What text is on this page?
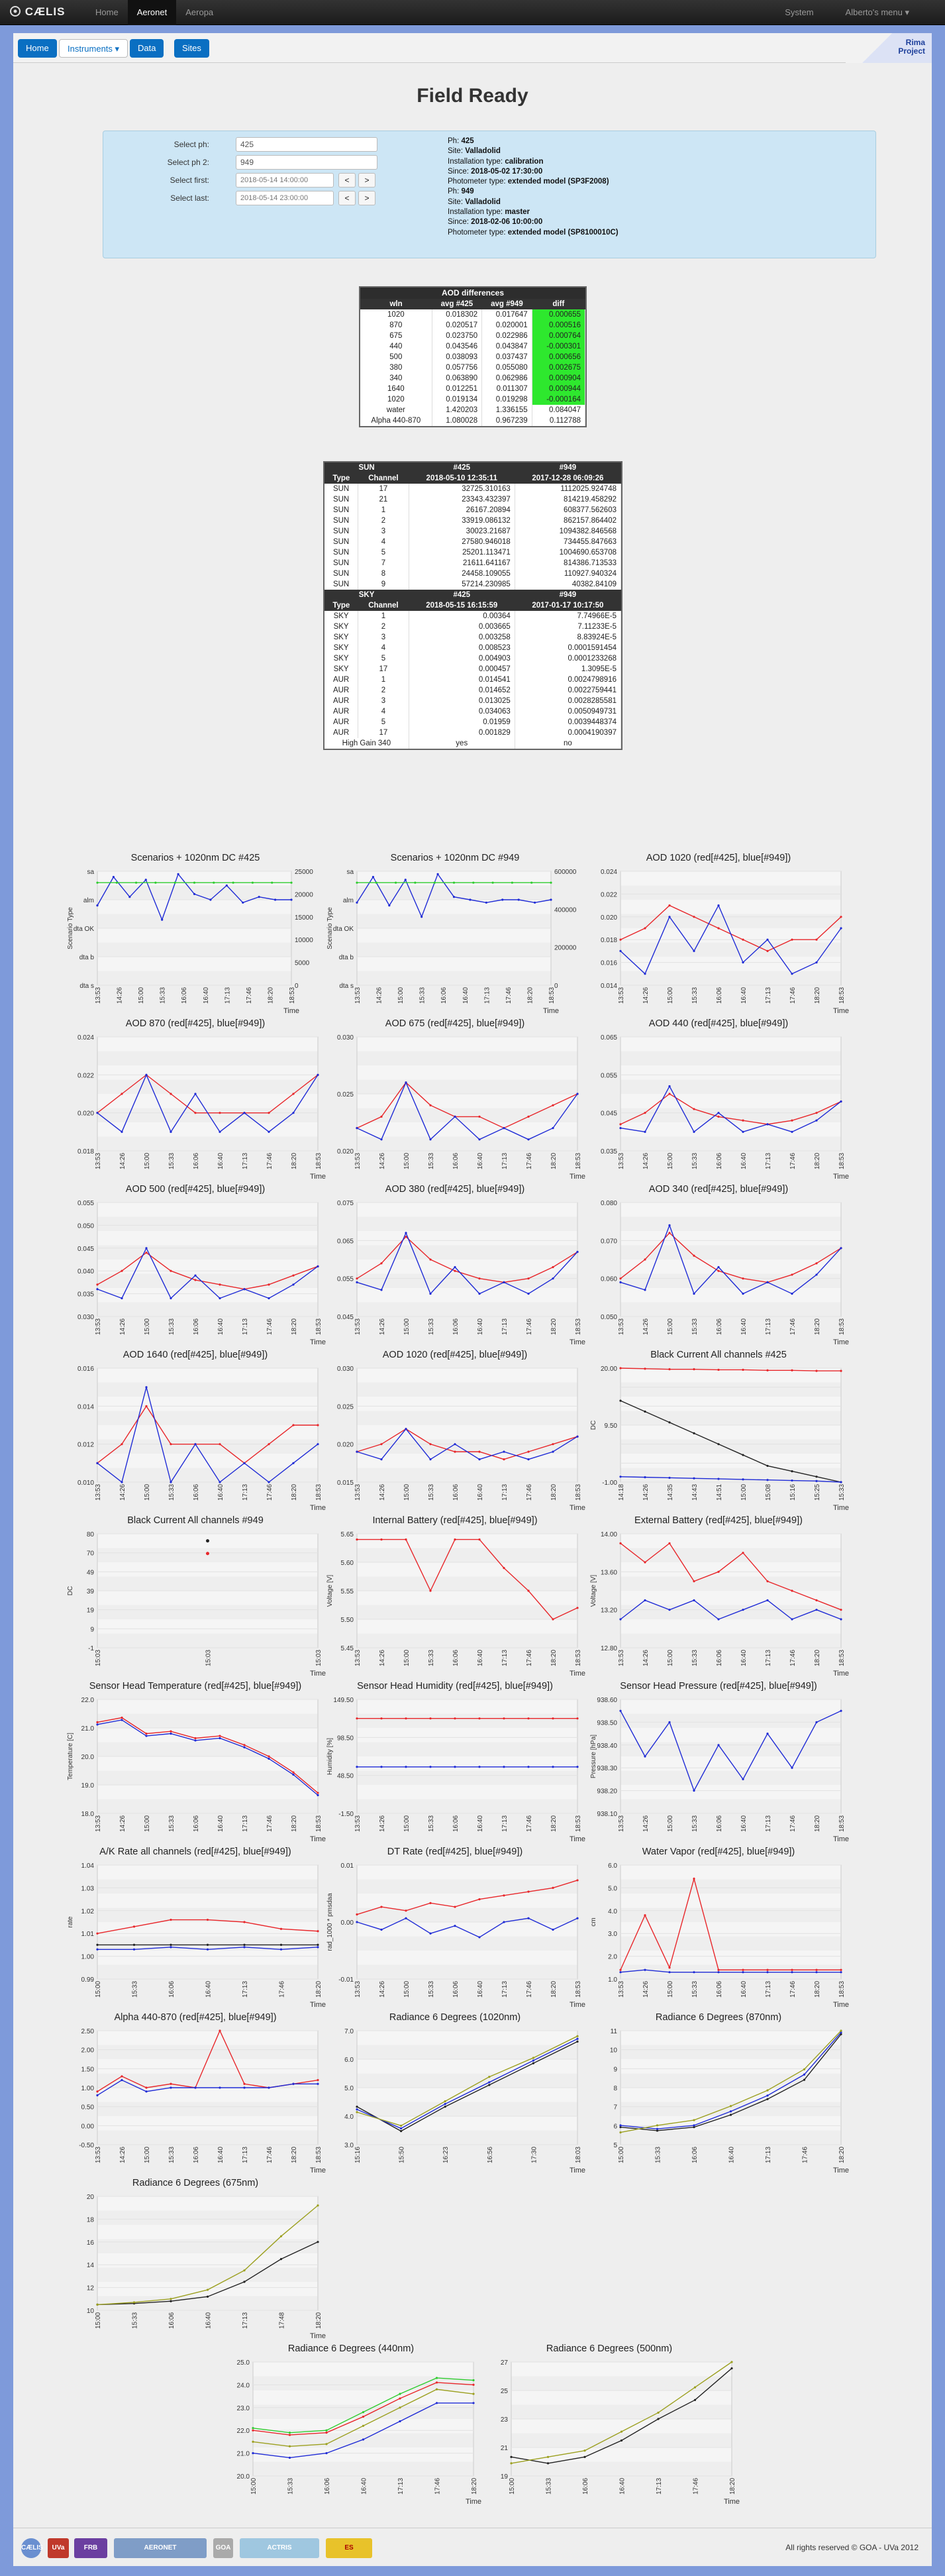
CÆLIS	Home	Aeronet	Aeropa	System	Alberto's menu ▾
Home	Instruments ▾	Data	Sites
Rima
Project
Field Ready
Select ph:	425
Select ph 2:	949
Select first:	2018-05-14 14:00:00	<	>
Select last:	2018-05-14 23:00:00	<	>
Ph: 425
Site: Valladolid
Installation type: calibration
Since: 2018-05-02 17:30:00
Photometer type: extended model (SP3F2008)
Ph: 949
Site: Valladolid
Installation type: master
Since: 2018-02-06 10:00:00
Photometer type: extended model (SP8100010C)
AOD differences
wln	avg #425	avg #949	diff
1020	0.018302	0.017647	0.000655
870	0.020517	0.020001	0.000516
675	0.023750	0.022986	0.000764
440	0.043546	0.043847	-0.000301
500	0.038093	0.037437	0.000656
380	0.057756	0.055080	0.002675
340	0.063890	0.062986	0.000904
1640	0.012251	0.011307	0.000944
1020	0.019134	0.019298	-0.000164
water	1.420203	1.336155	0.084047
Alpha 440-870	1.080028	0.967239	0.112788
SUN		#425	#949
Type	Channel	2018-05-10 12:35:11	2017-12-28 06:09:26
SUN	17	32725.310163	1112025.924748
SUN	21	23343.432397	814219.458292
SUN	1	26167.20894	608377.562603
SUN	2	33919.086132	862157.864402
SUN	3	30023.21687	1094382.846568
SUN	4	27580.946018	734455.847663
SUN	5	25201.113471	1004690.653708
SUN	7	21611.641167	814386.713533
SUN	8	24458.109055	110927.940324
SUN	9	57214.230985	40382.84109
SKY		#425	#949
Type	Channel	2018-05-15 16:15:59	2017-01-17 10:17:50
SKY	1	0.00364	7.74966E-5
SKY	2	0.003665	7.11233E-5
SKY	3	0.003258	8.83924E-5
SKY	4	0.008523	0.0001591454
SKY	5	0.004903	0.0001233268
SKY	17	0.000457	1.3095E-5
AUR	1	0.014541	0.0024798916
AUR	2	0.014652	0.0022759441
AUR	3	0.013025	0.0028285581
AUR	4	0.034063	0.0050949731
AUR	5	0.01959	0.0039448374
AUR	17	0.001829	0.0004190397
High Gain 340		yes	no
Scenarios + 1020nm DC #425
sa
alm
dta OK
dta b
dta s
25000
20000
15000
10000
5000
0
13:53 14:26 15:00 15:33 16:06 16:40 17:13 17:46 18:20 18:53
Time
Scenario Type
Scenarios + 1020nm DC #949
sa
alm
dta OK
dta b
dta s
600000
400000
200000
0
13:53 14:26 15:00 15:33 16:06 16:40 17:13 17:46 18:20 18:53
Time
Scenario Type
AOD 1020 (red[#425], blue[#949])
0.024
0.022
0.020
0.018
0.016
0.014
13:53	14:26	15:00	15:33	16:06	16:40	17:13	17:46	18:20	18:53
Time
AOD 870 (red[#425], blue[#949])
0.024
0.022
0.020
0.018
13:53	14:26	15:00	15:33	16:06	16:40	17:13	17:46	18:20	18:53
Time
AOD 675 (red[#425], blue[#949])
0.030
0.025
0.020
13:53	14:26	15:00	15:33	16:06	16:40	17:13	17:46	18:20	18:53
Time
AOD 440 (red[#425], blue[#949])
0.065
0.055
0.045
0.035
13:53	14:26	15:00	15:33	16:06	16:40	17:13	17:46	18:20	18:53
Time
AOD 500 (red[#425], blue[#949])
0.055
0.050
0.045
0.040
0.035
0.030
13:53	14:26	15:00	15:33	16:06	16:40	17:13	17:46	18:20	18:53
Time
AOD 380 (red[#425], blue[#949])
0.075
0.065
0.055
0.045
13:53	14:26	15:00	15:33	16:06	16:40	17:13	17:46	18:20	18:53
Time
AOD 340 (red[#425], blue[#949])
0.080
0.070
0.060
0.050
13:53	14:26	15:00	15:33	16:06	16:40	17:13	17:46	18:20	18:53
Time
AOD 1640 (red[#425], blue[#949])
0.016
0.014
0.012
0.010
13:53	14:26	15:00	15:33	16:06	16:40	17:13	17:46	18:20	18:53
Time
AOD 1020 (red[#425], blue[#949])
0.030
0.025
0.020
0.015
13:53	14:26	15:00	15:33	16:06	16:40	17:13	17:46	18:20	18:53
Time
Black Current All channels #425
20.00
9.50
-1.00
14:18	14:26	14:35	14:43	14:51	15:00	15:08	15:16	15:25	15:33
Time
DC
Black Current All channels #949
80
70
49
39
19
9
-1
15:03	15:03	15:03
Time
DC
Internal Battery (red[#425], blue[#949])
5.65
5.60
5.55
5.50
5.45
13:53	14:26	15:00	15:33	16:06	16:40	17:13	17:46	18:20	18:53
Time
Voltage [V]
External Battery (red[#425], blue[#949])
14.00
13.60
13.20
12.80
13:53	14:26	15:00	15:33	16:06	16:40	17:13	17:46	18:20	18:53
Time
Voltage [V]
Sensor Head Temperature (red[#425], blue[#949])
22.0
21.0
20.0
19.0
18.0
13:53	14:26	15:00	15:33	16:06	16:40	17:13	17:46	18:20	18:53
Time
Temperature [C]
Sensor Head Humidity (red[#425], blue[#949])
149.50
98.50
48.50
-1.50
13:53	14:26	15:00	15:33	16:06	16:40	17:13	17:46	18:20	18:53
Time
Humidity [%]
Sensor Head Pressure (red[#425], blue[#949])
938.60
938.50
938.40
938.30
938.20
938.10
13:53	14:26	15:00	15:33	16:06	16:40	17:13	17:46	18:20	18:53
Time
Pressure [hPa]
A/K Rate all channels (red[#425], blue[#949])
1.04
1.03
1.02
1.01
1.00
0.99
15:00	15:33	16:06	16:40	17:13	17:46	18:20
Time
rate
DT Rate (red[#425], blue[#949])
0.01
0.00
-0.01
13:53	14:26	15:00	15:33	16:06	16:40	17:13	17:46	18:20	18:53
Time
rad_1000 * pmsdaa
Water Vapor (red[#425], blue[#949])
6.0
5.0
4.0
3.0
2.0
1.0
13:53	14:26	15:00	15:33	16:06	16:40	17:13	17:46	18:20	18:53
Time
cm
Alpha 440-870 (red[#425], blue[#949])
2.50
2.00
1.50
1.00
0.50
0.00
-0.50
13:53	14:26	15:00	15:33	16:06	16:40	17:13	17:46	18:20	18:53
Time
Radiance 6 Degrees (1020nm)
7.0
6.0
5.0
4.0
3.0
15:16	15:50	16:23	16:56	17:30	18:03
Time
Radiance 6 Degrees (870nm)
11
10
9
8
7
6
5
15:00	15:33	16:06	16:40	17:13	17:46	18:20
Time
Radiance 6 Degrees (675nm)
20
18
16
14
12
10
15:00	15:33	16:06	16:40	17:13	17:48	18:20
Time
Radiance 6 Degrees (440nm)
25.0
24.0
23.0
22.0
21.0
20.0
15:00	15:33	16:06	16:40	17:13	17:46	18:20
Time
Radiance 6 Degrees (500nm)
27
25
23
21
19
15:00	15:33	16:06	16:40	17:13	17:46	18:20
Time
CÆLIS	UVa	FRB	AERONET	GOA	ACTRIS	ES	All rights reserved © GOA - UVa 2012
